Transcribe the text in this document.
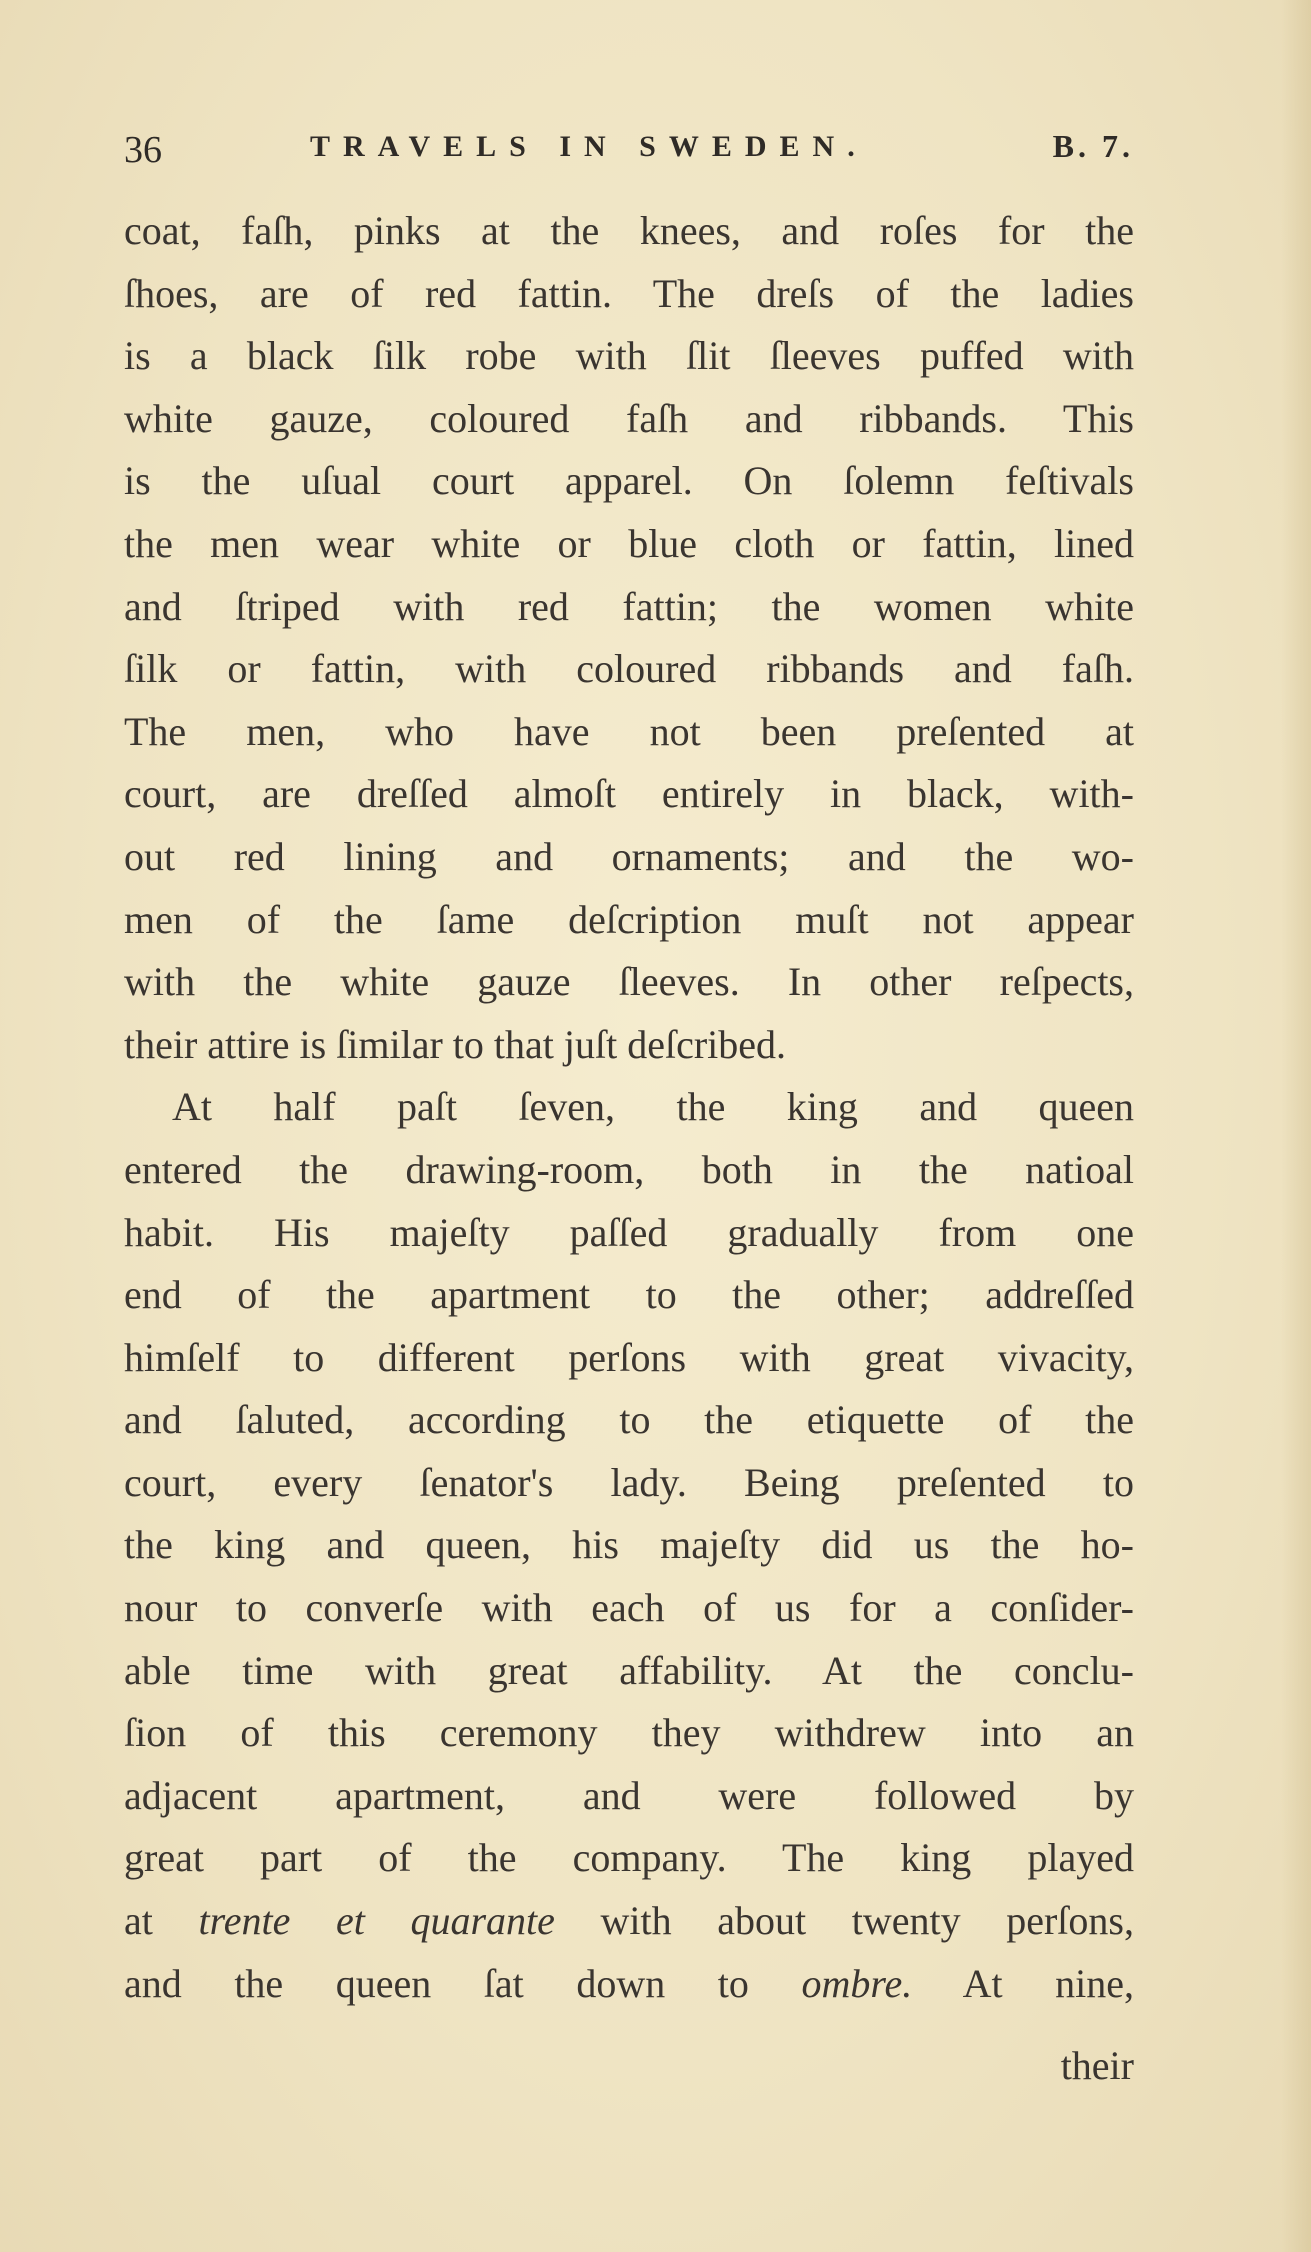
36	TRAVELS IN SWEDEN.	B. 7.
coat, faſh, pinks at the knees, and roſes for the
ſhoes, are of red fattin. The dreſs of the ladies
is a black ſilk robe with ſlit ſleeves puffed with
white gauze, coloured faſh and ribbands. This
is the uſual court apparel. On ſolemn feſtivals
the men wear white or blue cloth or fattin, lined
and ſtriped with red fattin; the women white
ſilk or fattin, with coloured ribbands and faſh.
The men, who have not been preſented at
court, are dreſſed almoſt entirely in black, with-
out red lining and ornaments; and the wo-
men of the ſame deſcription muſt not appear
with the white gauze ſleeves. In other reſpects,
their attire is ſimilar to that juſt deſcribed.
At half paſt ſeven, the king and queen
entered the drawing-room, both in the natioal
habit. His majeſty paſſed gradually from one
end of the apartment to the other; addreſſed
himſelf to different perſons with great vivacity,
and ſaluted, according to the etiquette of the
court, every ſenator's lady. Being preſented to
the king and queen, his majeſty did us the ho-
nour to converſe with each of us for a conſider-
able time with great affability. At the conclu-
ſion of this ceremony they withdrew into an
adjacent apartment, and were followed by
great part of the company. The king played
at trente et quarante with about twenty perſons,
and the queen ſat down to ombre. At nine,
their
